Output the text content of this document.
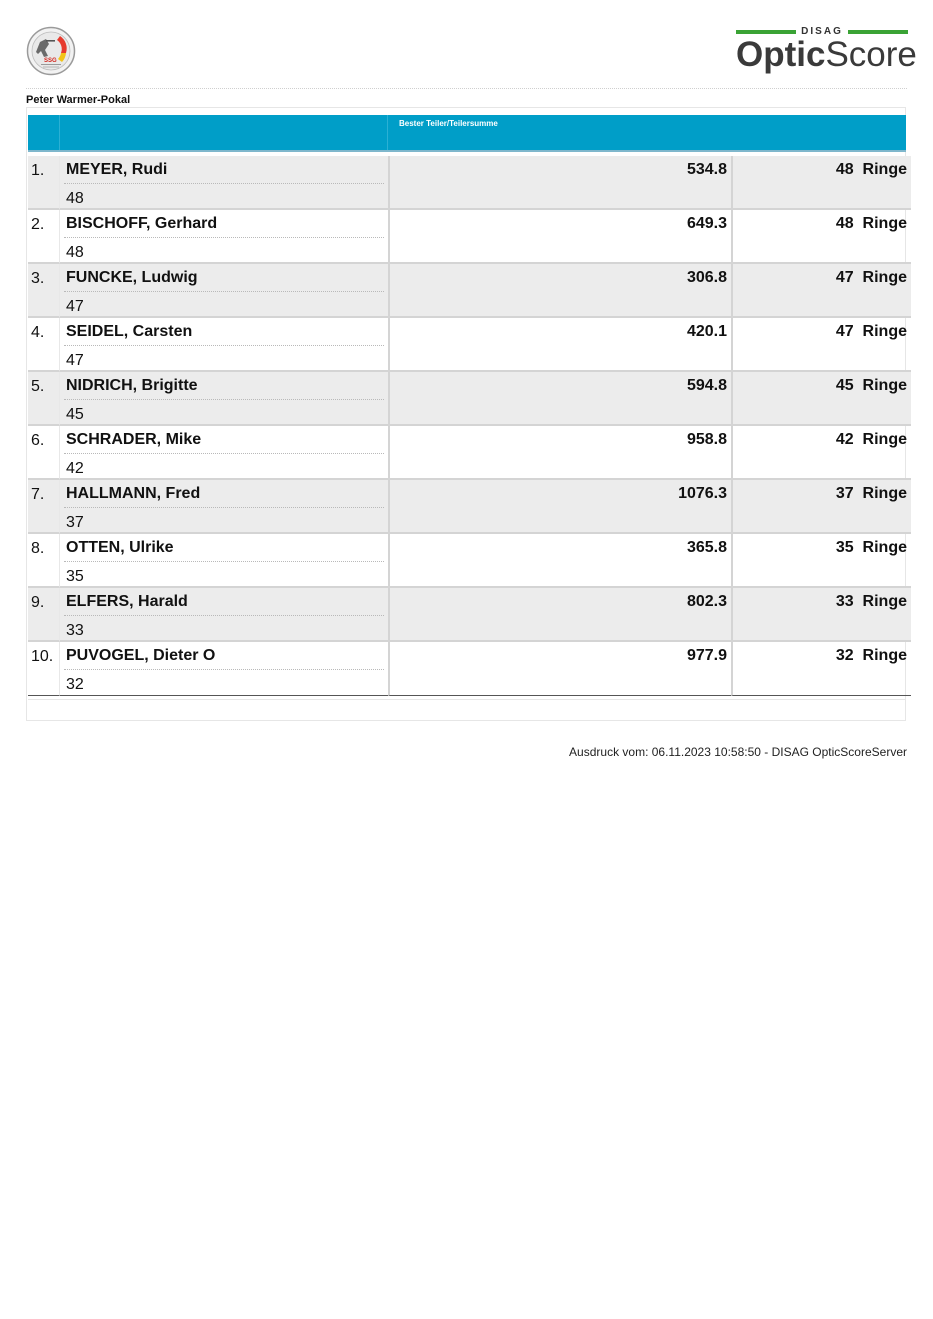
SSG
DISAG
OpticScore
Peter Warmer-Pokal
Bester Teiler/Teilersumme
1.	MEYER, Rudi
48	534.8	48  Ringe

2.	BISCHOFF, Gerhard
48	649.3	48  Ringe

3.	FUNCKE, Ludwig
47	306.8	47  Ringe

4.	SEIDEL, Carsten
47	420.1	47  Ringe

5.	NIDRICH, Brigitte
45	594.8	45  Ringe

6.	SCHRADER, Mike
42	958.8	42  Ringe

7.	HALLMANN, Fred
37	1076.3	37  Ringe

8.	OTTEN, Ulrike
35	365.8	35  Ringe

9.	ELFERS, Harald
33	802.3	33  Ringe

10.	PUVOGEL, Dieter O
32	977.9	32  Ringe
Ausdruck vom: 06.11.2023 10:58:50 - DISAG OpticScoreServer
